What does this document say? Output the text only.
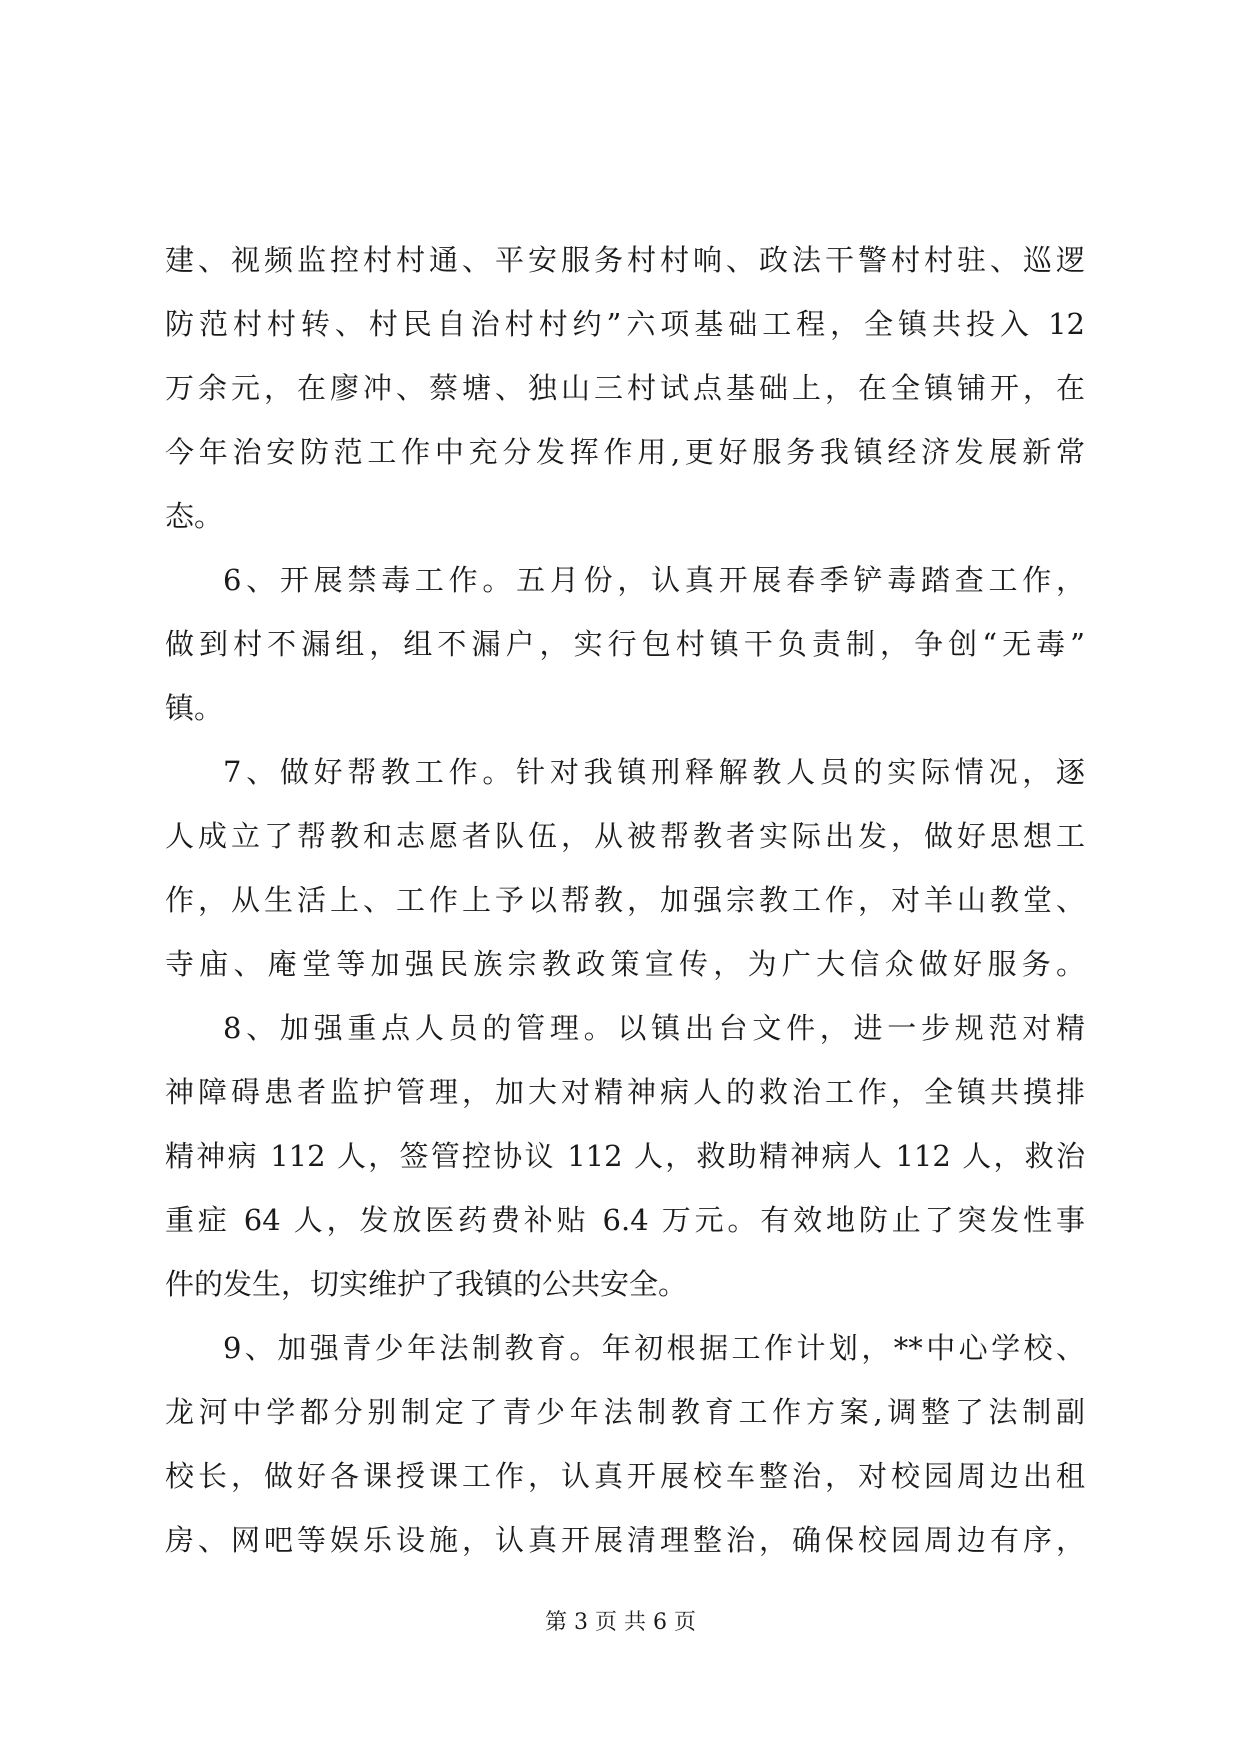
建、视频监控村村通、平安服务村村响、政法干警村村驻、巡逻
防范村村转、村民自治村村约”六项基础工程，全镇共投入 12
万余元，在廖冲、蔡塘、独山三村试点基础上，在全镇铺开，在
今年治安防范工作中充分发挥作用,更好服务我镇经济发展新常
态。
6、开展禁毒工作。五月份，认真开展春季铲毒踏查工作，
做到村不漏组，组不漏户，实行包村镇干负责制，争创“无毒”
镇。
7、做好帮教工作。针对我镇刑释解教人员的实际情况，逐
人成立了帮教和志愿者队伍，从被帮教者实际出发，做好思想工
作，从生活上、工作上予以帮教，加强宗教工作，对羊山教堂、
寺庙、庵堂等加强民族宗教政策宣传，为广大信众做好服务。
8、加强重点人员的管理。以镇出台文件，进一步规范对精
神障碍患者监护管理，加大对精神病人的救治工作，全镇共摸排
精神病 112 人，签管控协议 112 人，救助精神病人 112 人，救治
重症 64 人，发放医药费补贴 6.4 万元。有效地防止了突发性事
件的发生，切实维护了我镇的公共安全。
9、加强青少年法制教育。年初根据工作计划，**中心学校、
龙河中学都分别制定了青少年法制教育工作方案,调整了法制副
校长，做好各课授课工作，认真开展校车整治，对校园周边出租
房、网吧等娱乐设施，认真开展清理整治，确保校园周边有序，
第 3 页 共 6 页
